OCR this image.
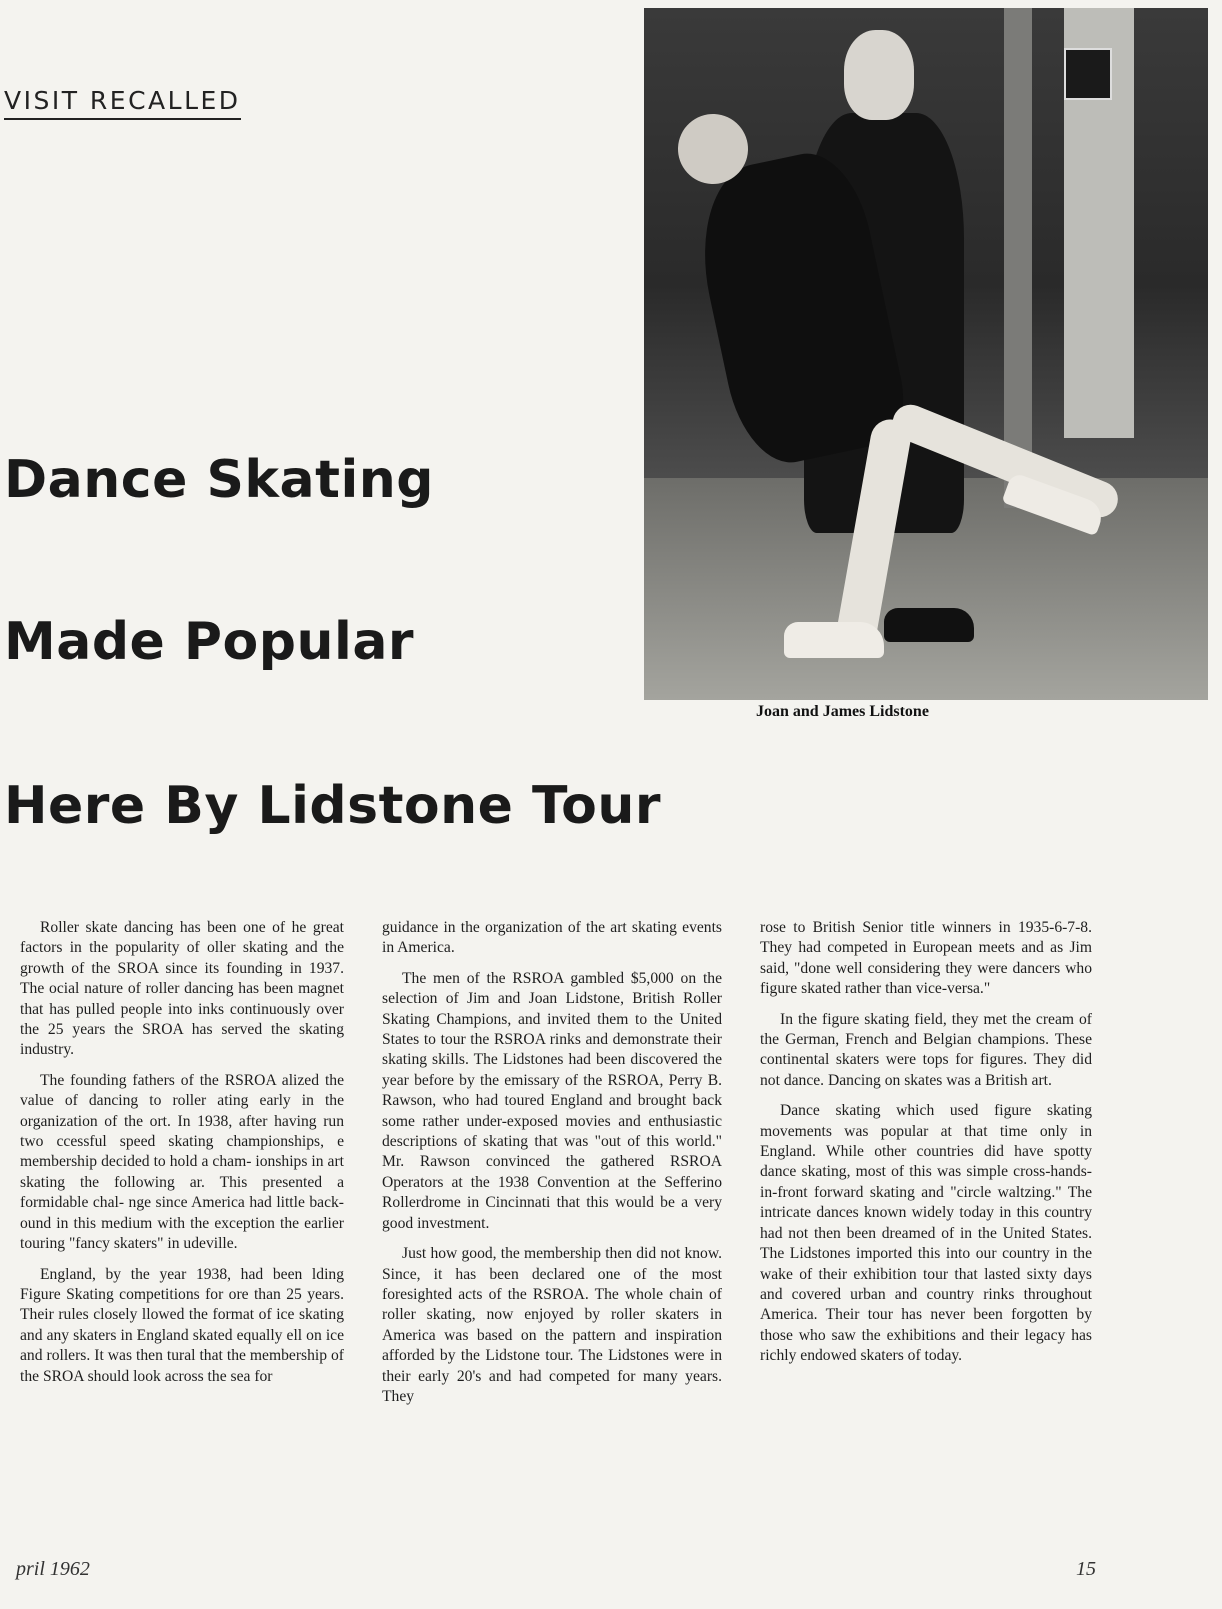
VISIT RECALLED
Dance Skating
Made Popular
Here By Lidstone Tour
Joan and James Lidstone

Roller skate dancing has been one of he great factors in the popularity of oller skating and the growth of the SROA since its founding in 1937. The ocial nature of roller dancing has been magnet that has pulled people into inks continuously over the 25 years the SROA has served the skating industry.

The founding fathers of the RSROA alized the value of dancing to roller ating early in the organization of the ort. In 1938, after having run two ccessful speed skating championships, e membership decided to hold a cham- ionships in art skating the following ar. This presented a formidable chal- nge since America had little back- ound in this medium with the exception the earlier touring "fancy skaters" in udeville.

England, by the year 1938, had been lding Figure Skating competitions for ore than 25 years. Their rules closely llowed the format of ice skating and any skaters in England skated equally ell on ice and rollers. It was then tural that the membership of the SROA should look across the sea for

guidance in the organization of the art skating events in America.

The men of the RSROA gambled $5,000 on the selection of Jim and Joan Lidstone, British Roller Skating Champions, and invited them to the United States to tour the RSROA rinks and demonstrate their skating skills. The Lidstones had been discovered the year before by the emissary of the RSROA, Perry B. Rawson, who had toured England and brought back some rather under-exposed movies and enthusiastic descriptions of skating that was "out of this world." Mr. Rawson convinced the gathered RSROA Operators at the 1938 Convention at the Sefferino Rollerdrome in Cincinnati that this would be a very good investment.

Just how good, the membership then did not know. Since, it has been declared one of the most foresighted acts of the RSROA. The whole chain of roller skating, now enjoyed by roller skaters in America was based on the pattern and inspiration afforded by the Lidstone tour. The Lidstones were in their early 20's and had competed for many years. They

rose to British Senior title winners in 1935-6-7-8. They had competed in European meets and as Jim said, "done well considering they were dancers who figure skated rather than vice-versa."

In the figure skating field, they met the cream of the German, French and Belgian champions. These continental skaters were tops for figures. They did not dance. Dancing on skates was a British art.

Dance skating which used figure skating movements was popular at that time only in England. While other countries did have spotty dance skating, most of this was simple cross-hands-in-front forward skating and "circle waltzing." The intricate dances known widely today in this country had not then been dreamed of in the United States. The Lidstones imported this into our country in the wake of their exhibition tour that lasted sixty days and covered urban and country rinks throughout America. Their tour has never been forgotten by those who saw the exhibitions and their legacy has richly endowed skaters of today.

pril 1962	15
